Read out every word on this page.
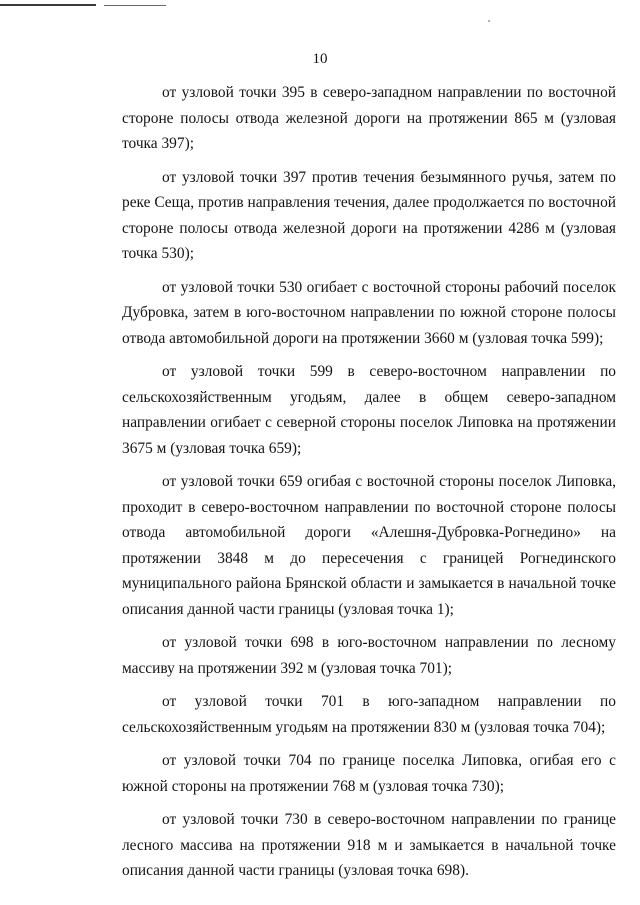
10

от узловой точки 395 в северо-западном направлении по восточной стороне полосы отвода железной дороги на протяжении 865 м (узловая точка 397);

от узловой точки 397 против течения безымянного ручья, затем по реке Сеща, против направления течения, далее продолжается по восточной стороне полосы отвода железной дороги на протяжении 4286 м (узловая точка 530);

от узловой точки 530 огибает с восточной стороны рабочий поселок Дубровка, затем в юго-восточном направлении по южной стороне полосы отвода автомобильной дороги на протяжении 3660 м (узловая точка 599);

от узловой точки 599 в северо-восточном направлении по сельскохозяйственным угодьям, далее в общем северо-западном направлении огибает с северной стороны поселок Липовка на протяжении 3675 м (узловая точка 659);

от узловой точки 659 огибая с восточной стороны поселок Липовка, проходит в северо-восточном направлении по восточной стороне полосы отвода автомобильной дороги «Алешня-Дубровка-Рогнедино» на протяжении 3848 м до пересечения с границей Рогнединского муниципального района Брянской области и замыкается в начальной точке описания данной части границы (узловая точка 1);

от узловой точки 698 в юго-восточном направлении по лесному массиву на протяжении 392 м (узловая точка 701);

от узловой точки 701 в юго-западном направлении по сельскохозяйственным угодьям на протяжении 830 м (узловая точка 704);

от узловой точки 704 по границе поселка Липовка, огибая его с южной стороны на протяжении 768 м (узловая точка 730);

от узловой точки 730 в северо-восточном направлении по границе лесного массива на протяжении 918 м и замыкается в начальной точке описания данной части границы (узловая точка 698).
